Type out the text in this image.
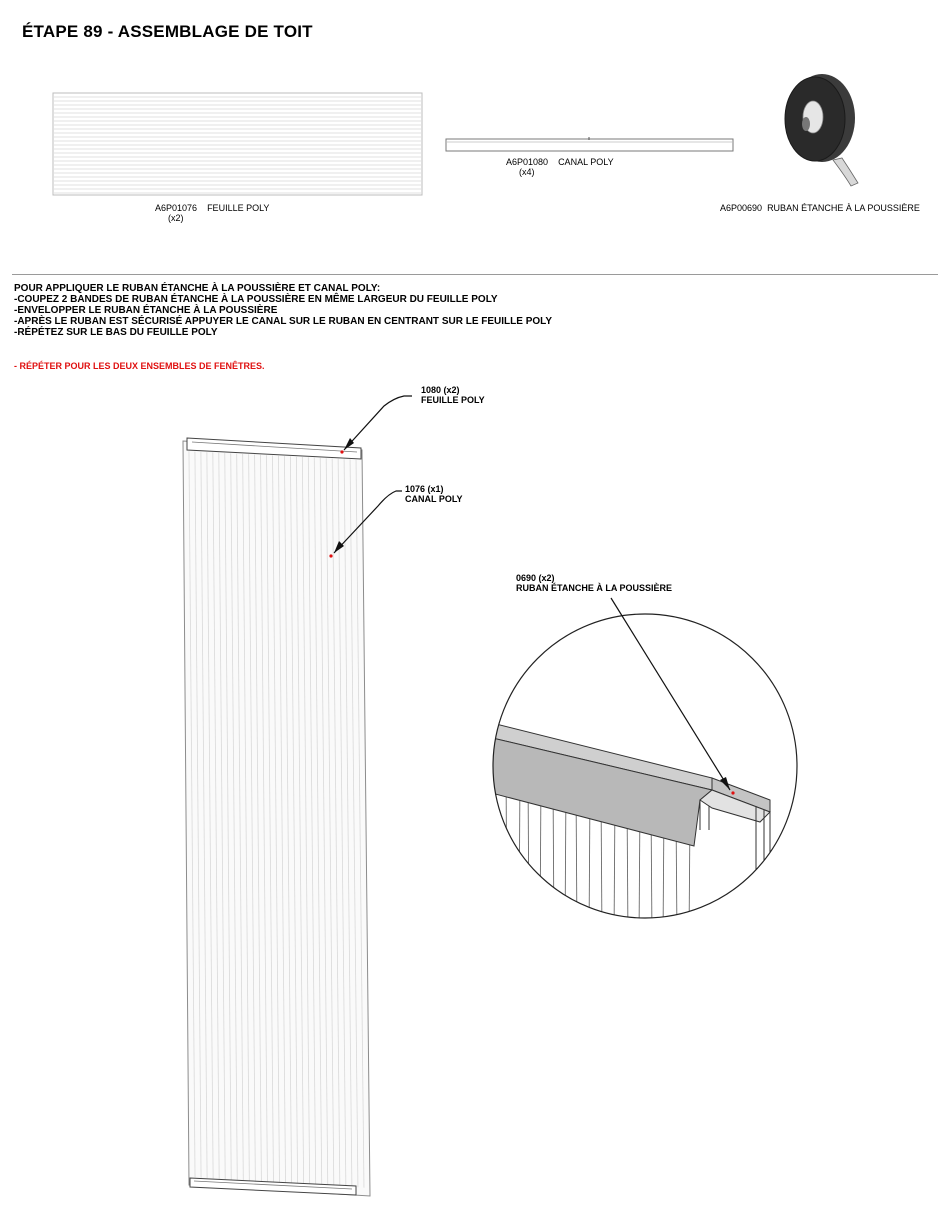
ÉTAPE 89 - ASSEMBLAGE DE TOIT
A6P01076 FEUILLE POLY
(x2)
A6P01080 CANAL POLY
(x4)
A6P00690 RUBAN ÉTANCHE À LA POUSSIÈRE
POUR APPLIQUER LE RUBAN ÉTANCHE À LA POUSSIÈRE ET CANAL POLY:
-COUPEZ 2 BANDES DE RUBAN ÉTANCHE À LA POUSSIÈRE EN MÊME LARGEUR DU FEUILLE POLY
-ENVELOPPER LE RUBAN ÉTANCHE À LA POUSSIÈRE
-APRÈS LE RUBAN EST SÉCURISÉ APPUYER LE CANAL SUR LE RUBAN EN CENTRANT SUR LE FEUILLE POLY
-RÉPÉTEZ SUR LE BAS DU FEUILLE POLY
- RÉPÉTER POUR LES DEUX ENSEMBLES DE FENÊTRES.
1080 (x2)
FEUILLE POLY
1076 (x1)
CANAL POLY
0690 (x2)
RUBAN ÉTANCHE À LA POUSSIÈRE
